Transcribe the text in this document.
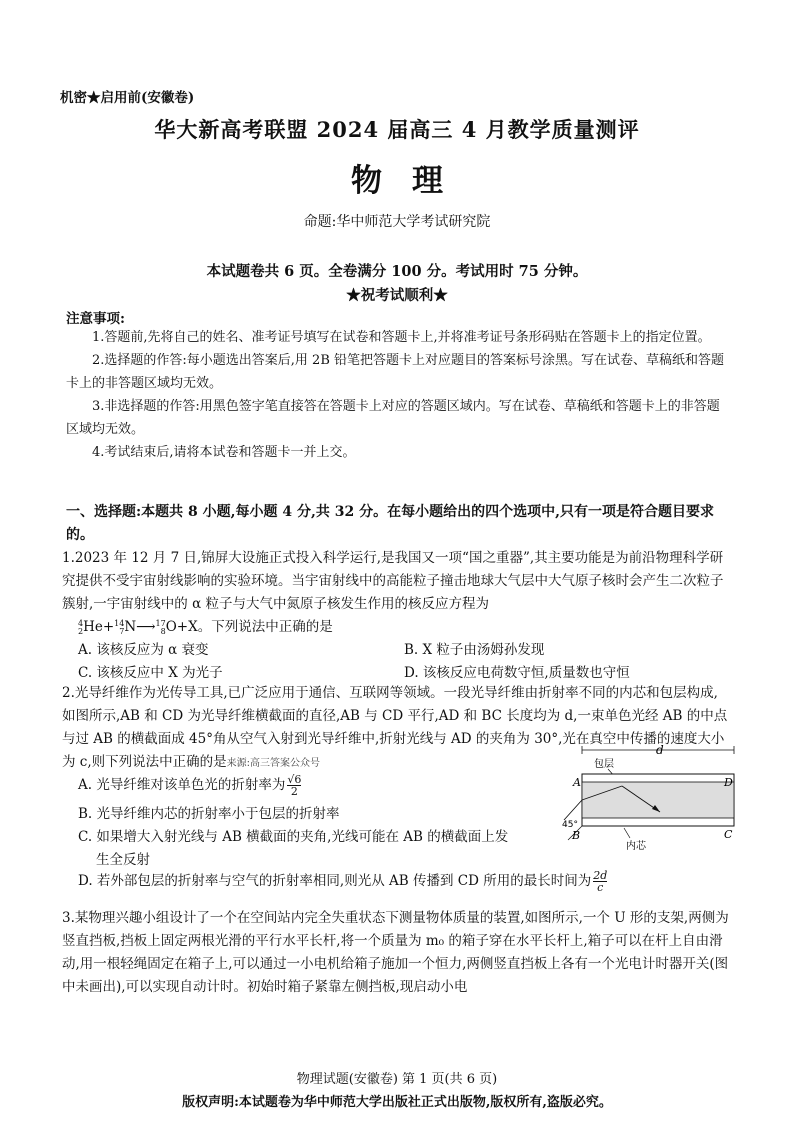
机密★启用前(安徽卷)
华大新高考联盟 2024 届高三 4 月教学质量测评
物理
命题:华中师范大学考试研究院
本试题卷共 6 页。全卷满分 100 分。考试用时 75 分钟。
★祝考试顺利★
注意事项:

1.答题前,先将自己的姓名、准考证号填写在试卷和答题卡上,并将准考证号条形码贴在答题卡上的指定位置。

2.选择题的作答:每小题选出答案后,用 2B 铅笔把答题卡上对应题目的答案标号涂黑。写在试卷、草稿纸和答题卡上的非答题区域均无效。

3.非选择题的作答:用黑色签字笔直接答在答题卡上对应的答题区域内。写在试卷、草稿纸和答题卡上的非答题区域均无效。

4.考试结束后,请将本试卷和答题卡一并上交。

一、选择题:本题共 8 小题,每小题 4 分,共 32 分。在每小题给出的四个选项中,只有一项是符合题目要求的。

1.2023 年 12 月 7 日,锦屏大设施正式投入科学运行,是我国又一项“国之重器”,其主要功能是为前沿物理科学研究提供不受宇宙射线影响的实验环境。当宇宙射线中的高能粒子撞击地球大气层中大气原子核时会产生二次粒子簇射,一宇宙射线中的 α 粒子与大气中氮原子核发生作用的核反应方程为

4
2He+14
7N⟶17
8O+X。下列说法中正确的是

A. 该核反应为 α 衰变	B. X 粒子由汤姆孙发现
C. 该核反应中 X 为光子	D. 该核反应电荷数守恒,质量数也守恒

2.光导纤维作为光传导工具,已广泛应用于通信、互联网等领域。一段光导纤维由折射率不同的内芯和包层构成,如图所示,AB 和 CD 为光导纤维横截面的直径,AB 与 CD 平行,AD 和 BC 长度均为 d,一束单色光经 AB 的中点与过 AB 的横截面成 45°角从空气入射到光导纤维中,折射光线与 AD 的夹角为 30°,光在真空中传播的速度大小为 c,则下列说法中正确的是来源:高三答案公众号

A. 光导纤维对该单色光的折射率为 $\frac{√6}{2}$

B. 光导纤维内芯的折射率小于包层的折射率

C. 如果增大入射光线与 AB 横截面的夹角,光线可能在 AB 的横截面上发

生全反射

D. 若外部包层的折射率与空气的折射率相同,则光从 AB 传播到 CD 所用的最长时间为 $\frac{2d}{c}$

d
包层
A
B	C
D
45°
内芯

3.某物理兴趣小组设计了一个在空间站内完全失重状态下测量物体质量的装置,如图所示,一个 U 形的支架,两侧为竖直挡板,挡板上固定两根光滑的平行水平长杆,将一个质量为 m₀ 的箱子穿在水平长杆上,箱子可以在杆上自由滑动,用一根轻绳固定在箱子上,可以通过一小电机给箱子施加一个恒力,两侧竖直挡板上各有一个光电计时器开关(图中未画出),可以实现自动计时。初始时箱子紧靠左侧挡板,现启动小电

物理试题(安徽卷) 第 1 页(共 6 页)
版权声明:本试题卷为华中师范大学出版社正式出版物,版权所有,盗版必究。
